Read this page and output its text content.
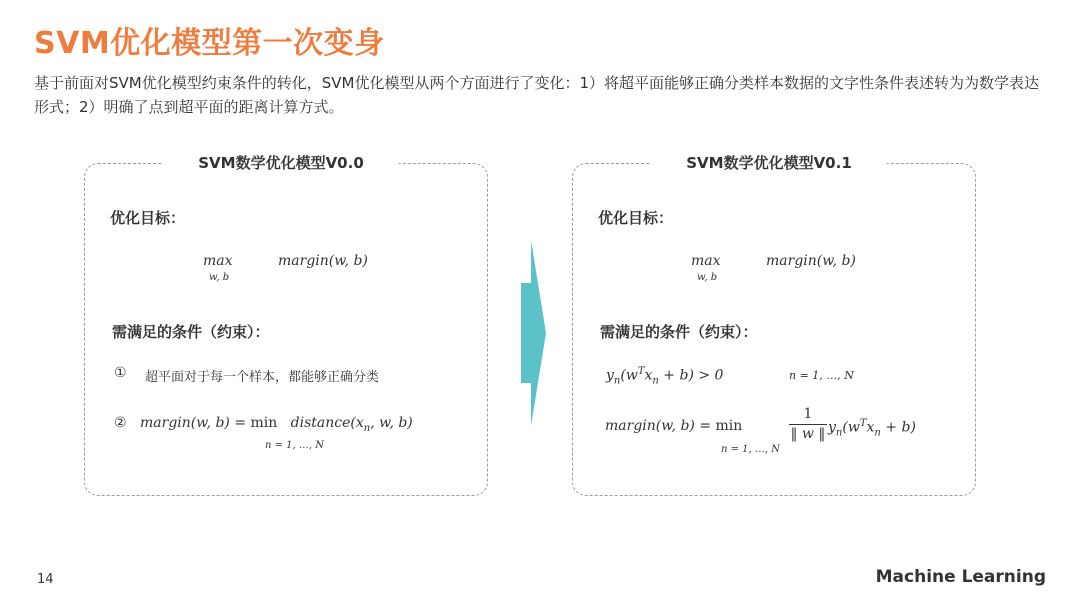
SVM优化模型第一次变身
基于前面对SVM优化模型约束条件的转化，SVM优化模型从两个方面进行了变化：1）将超平面能够正确分类样本数据的文字性条件表述转为为数学表达形式；2）明确了点到超平面的距离计算方式。
SVM数学优化模型V0.0
优化目标：
max
w, b
margin(w, b)
需满足的条件（约束）：
① 超平面对于每一个样本，都能够正确分类
② margin(w, $b) = \min distance(x_n$, w, b)
n = 1, …, N
SVM数学优化模型V0.1
优化目标：
max
w, b
margin(w, b)
需满足的条件（约束）：
$y_n(w^Tx_n + b) > 0$	n = 1, …, N
margin(w, b) = min
1
‖ w ‖ $y_n(w^Tx_n + b)$
n = 1, …, N
14	Machine Learning
